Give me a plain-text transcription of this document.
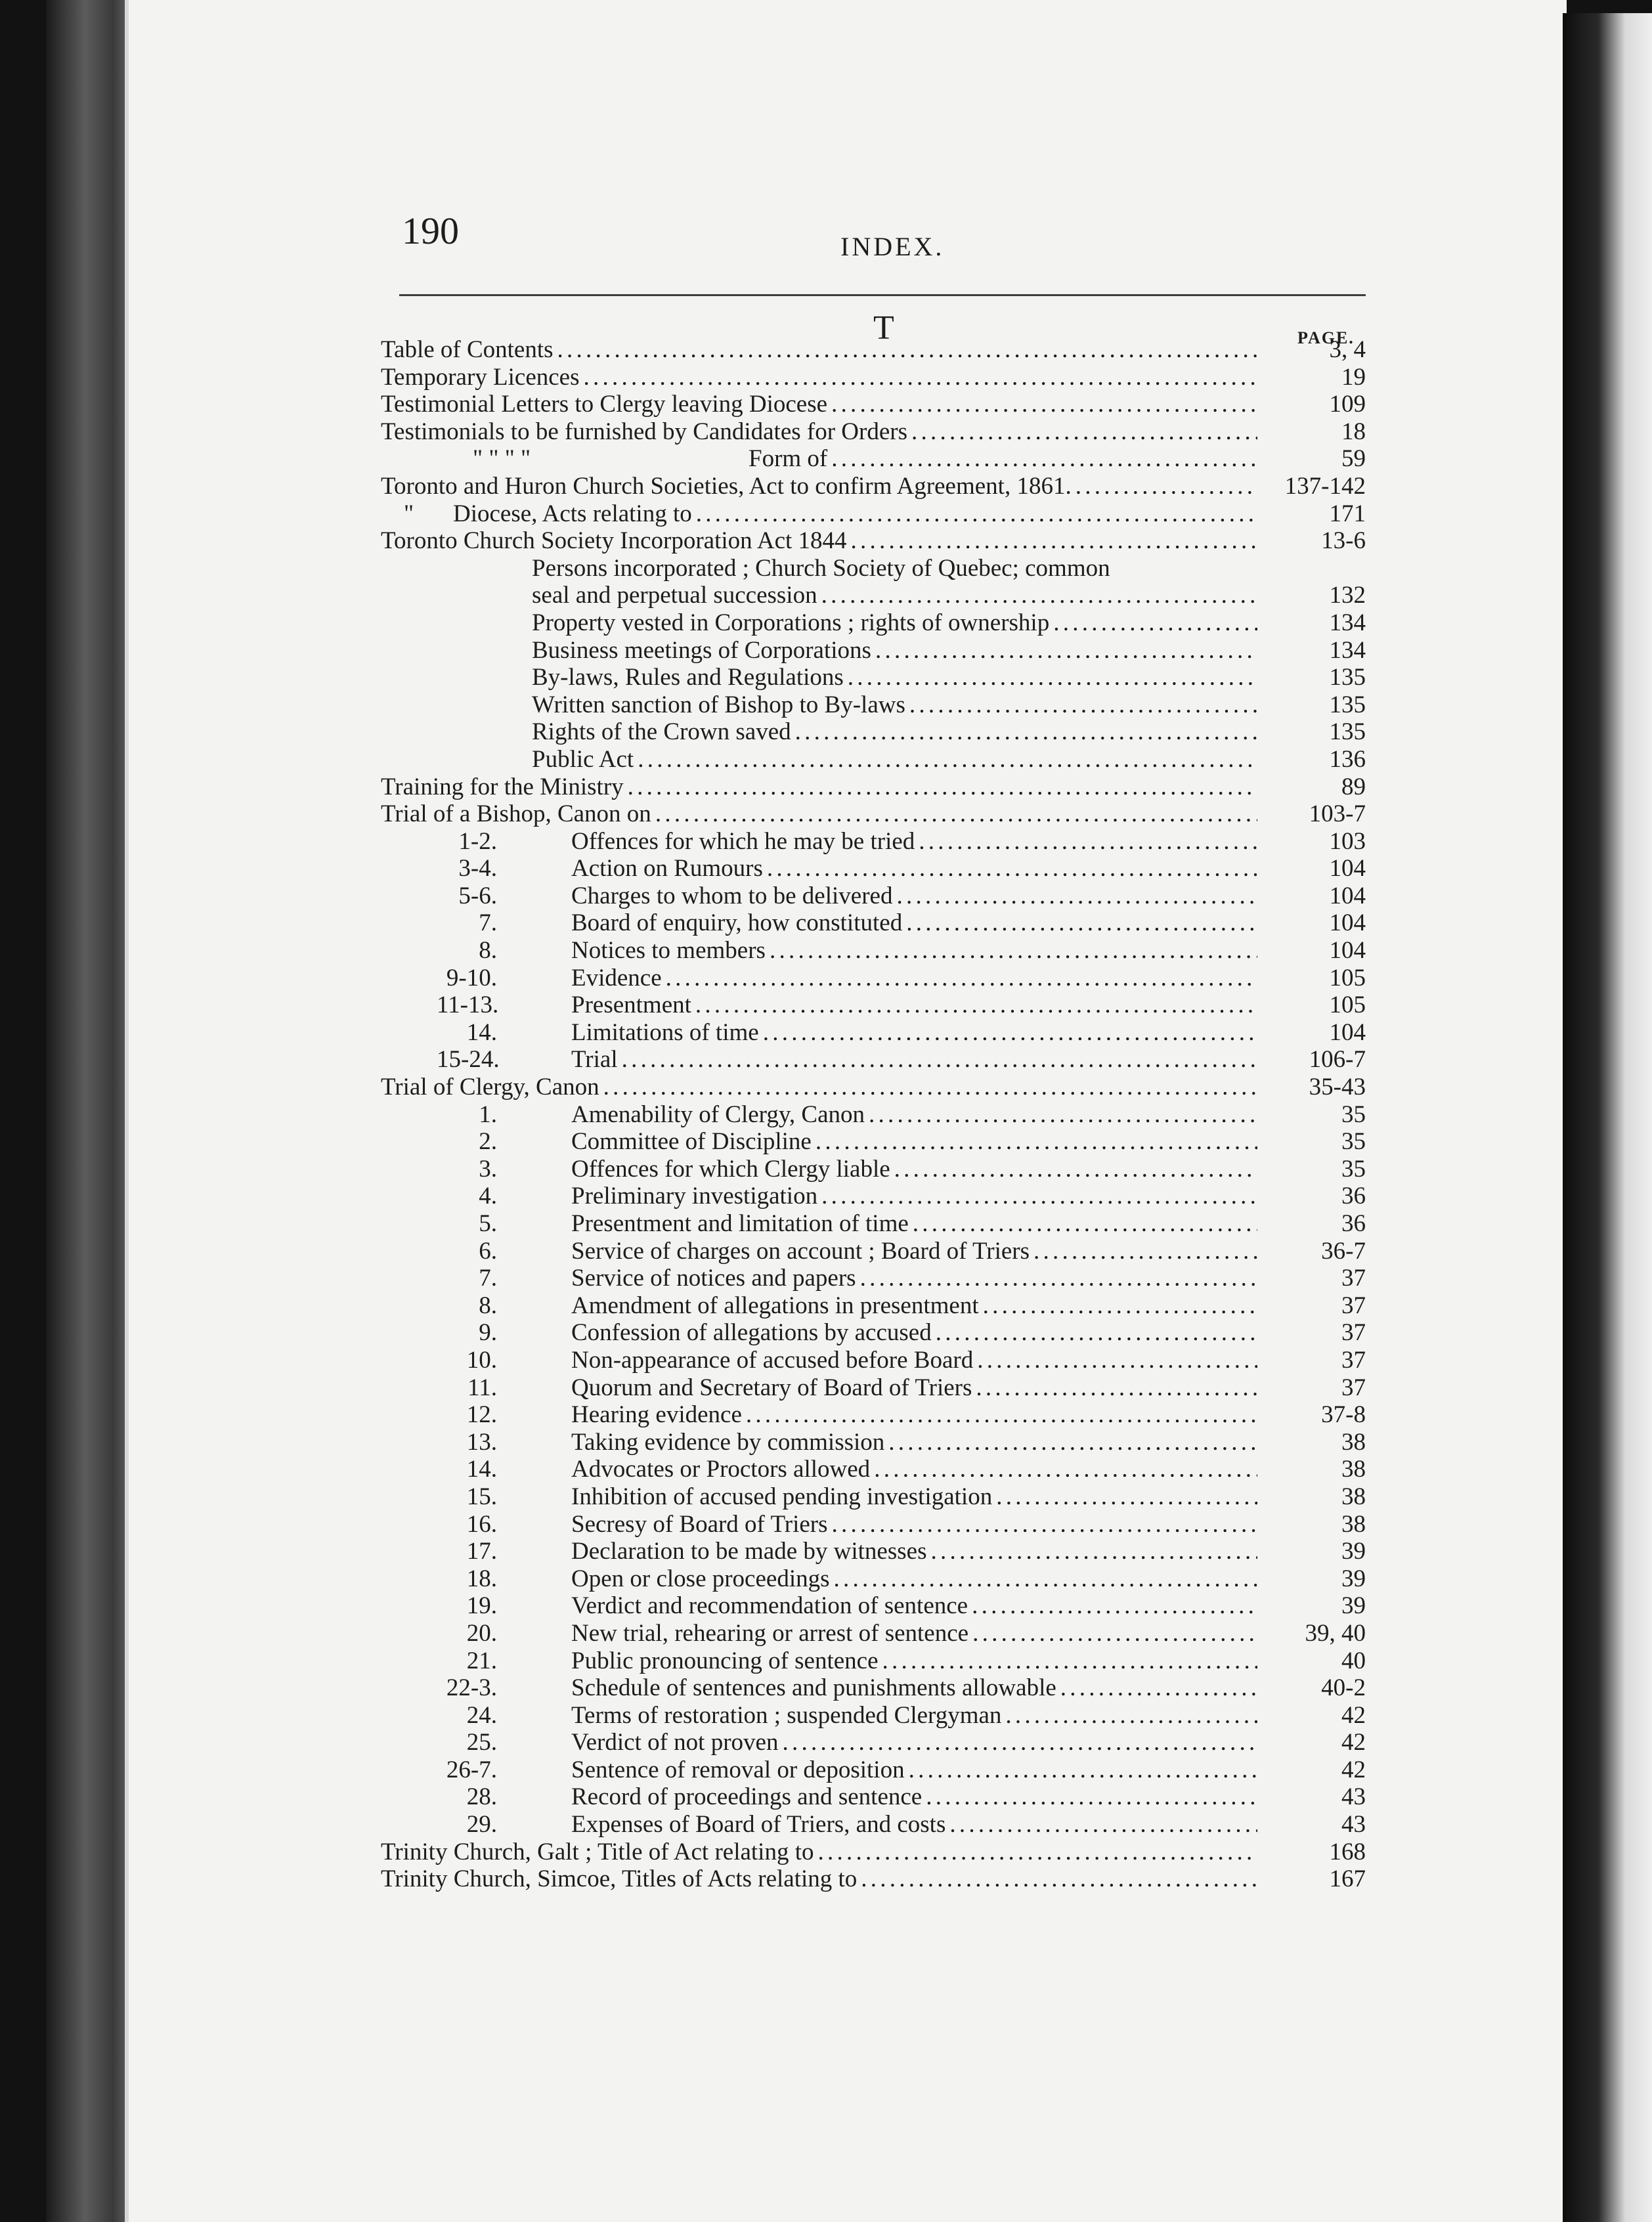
190	INDEX.
T	PAGE.
Table of Contents . . .	3, 4
Temporary Licences . . .	19
Testimonial Letters to Clergy leaving Diocese . . .	109
Testimonials to be furnished by Candidates for Orders . . .	18
" " " "	Form of . . .	59
Toronto and Huron Church Societies, Act to confirm Agreement, 1861. . . .	137-142
" Diocese, Acts relating to . . .	171
Toronto Church Society Incorporation Act 1844 . . .	13-6
Persons incorporated ; Church Society of Quebec; common
seal and perpetual succession . . .	132
Property vested in Corporations ; rights of ownership . . .	134
Business meetings of Corporations . . .	134
By-laws, Rules and Regulations . . .	135
Written sanction of Bishop to By-laws . . .	135
Rights of the Crown saved . . .	135
Public Act . . .	136
Training for the Ministry . . .	89
Trial of a Bishop, Canon on . . .	103-7
1-2.	Offences for which he may be tried . . .	103
3-4.	Action on Rumours . . .	104
5-6.	Charges to whom to be delivered . . .	104
7.	Board of enquiry, how constituted . . .	104
8.	Notices to members . . .	104
9-10.	Evidence . . .	105
11-13.	Presentment . . .	105
14.	Limitations of time . . .	104
15-24.	Trial . . .	106-7
Trial of Clergy, Canon . . .	35-43
1.	Amenability of Clergy, Canon . . .	35
2.	Committee of Discipline . . .	35
3.	Offences for which Clergy liable . . .	35
4.	Preliminary investigation . . .	36
5.	Presentment and limitation of time . . .	36
6.	Service of charges on account ; Board of Triers . . .	36-7
7.	Service of notices and papers . . .	37
8.	Amendment of allegations in presentment . . .	37
9.	Confession of allegations by accused . . .	37
10.	Non-appearance of accused before Board . . .	37
11.	Quorum and Secretary of Board of Triers . . .	37
12.	Hearing evidence . . .	37-8
13.	Taking evidence by commission . . .	38
14.	Advocates or Proctors allowed . . .	38
15.	Inhibition of accused pending investigation . . .	38
16.	Secresy of Board of Triers . . .	38
17.	Declaration to be made by witnesses . . .	39
18.	Open or close proceedings . . .	39
19.	Verdict and recommendation of sentence . . .	39
20.	New trial, rehearing or arrest of sentence . . .	39, 40
21.	Public pronouncing of sentence . . .	40
22-3.	Schedule of sentences and punishments allowable . . .	40-2
24.	Terms of restoration ; suspended Clergyman . . .	42
25.	Verdict of not proven . . .	42
26-7.	Sentence of removal or deposition . . .	42
28.	Record of proceedings and sentence . . .	43
29.	Expenses of Board of Triers, and costs . . .	43
Trinity Church, Galt ; Title of Act relating to . . .	168
Trinity Church, Simcoe, Titles of Acts relating to . . .	167
